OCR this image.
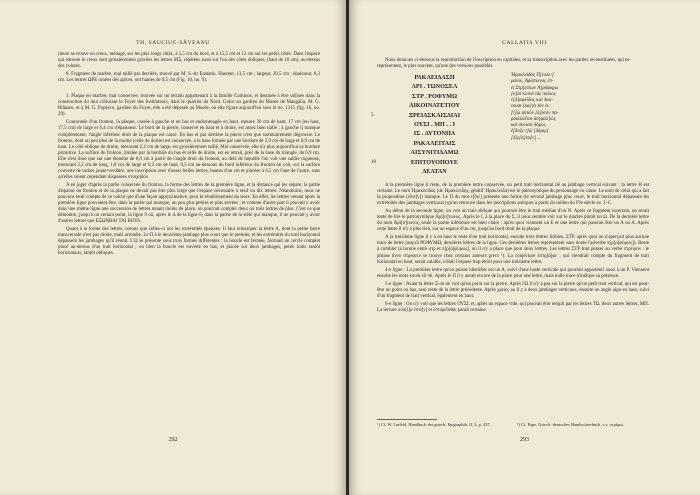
TH. SAUCIUC-SĂVEANU

rieure se trouve un creux, ménagé, sur les plus longs côtés, à 5,5 cm du bord, et à 15,5 cm et 12 cm sur les petits côtés. Dans l'espace qui entoure le creux sont grossièrement gravées les lettres ΜΞ, répétées aussi sur l'un des côtés obliques, (haut de 16 cm), au-dessus des volutes.

8. Fragment de marbre, mal taillé par derrière, trouvé par M. S.-tir Eustatiu. Hauteur, 13,5 cm ; largeur, 20,5 cm ; épaisseur, 8,3 cm. Les lettres ΩΡΕ ornées des apices, ont hautes de 9,5 cm (Fig. 10, no. 9).

1. Plaque en marbre, mal conservée, trouvée sur un terrain appartenant à la famille Cominos, et destinée à être utilisée dans la construction du mur clôturant le Foyer des Instituteurs, dans le quartier du Nord. Grâce au gardien du Musée de Mangalia, M. G. Blânaru, et à M. G. Popescu, gardien du Foyer, elle a été déposée au Musée, où elle figure aujourd'hui sous le no. 1315 (fig. 16, no. 29).

Couronnée d'un fronton, la plaque, cassée à gauche et en bas et endommagée en haut, mesure 30 cm de haut, 17 cm (en haut, 17,5 cm) de large et 6,4 cm d'épaisseur. Le bord de la pierre, conservé en haut et à droite, est assez bien taillé ; à gauche il manque complètement, l'angle inférieur droit de la plaque est cassé. En bas et par derrière la pierre n'est que sommairement dégrossie. Le fronton, dont un peu plus de la moitié (celle de droite) est conservée, a la base formée par une bordure de 2,9 cm de large et 0,9 cm de haut. Le côté oblique de droite, mesurant 2,2 cm de large, est grossièrement taillé. Mal conservée, elle n'a plus aujourd'hui sa bordure primitive. La surface du fronton, limitée par la bordure du bas et celle de droite, est en retrait, près de la base du triangle, de 0,9 cm. Elle n'est lisse que sur une étendue de 8,6 cm à partir de l'angle droit du fronton, au delà de laquelle l'on voit une saillie rugueuse, mesurant 2,2 cm de long, 1,8 cm de large et 0,5 cm de haut, 0,5 cm au-dessous du bord inférieur du fronton on voit, sur la surface couverte de taches jaune-verdâtre, une inscription avec d'assez belles lettres, hautes d'un cm et placées à 0,5 cm l'une de l'autre, sans qu'elles soient cependant disposées στοιχηδόν.

A en juger d'après la partie conservée du fronton, la forme des lettres de la première ligne, et la distance qui les sépare, la partie disparue du fronton et de la plaque ne devait pas être plus large que l'espace nécessaire à neuf ou dix lettres. Néanmoins, nous ne pouvons tenir compte de ce calcul que d'une façon approximative, pour le rétablissement du texte. En effet, les lettres venant après la première ligne pouvaient être, dans la partie qui manque, un peu plus petites et plus serrées ; et comme d'autre part il pouvait y avoir dans une même ligne une succession de lettres tenant moins de place, on pourrait compter deux ou trois lettres de plus. C'est ce que démontre, jusqu'à un certain point, la ligne 9 où, après le Δ de la ligne 8, dans la partie de la stèle qui manque, il ne pouvait y avoir d'autres lettres que ΕΞΩΝΒΑΙ ΤΑΙ ΒΟΥΛ.

Quant à la forme des lettres, notons que celles-ci ont les extrémités épaisses. Il faut remarquer la lettre A, dont la petite barre transversale n'est pas droite, mais arrondie. Le Π à le deuxième jambage plus court que le premier, et les extrémités du trait horizontal dépassent les jambages qu'il réunit. L'Ω se présente sous trois formes différentes : la boucle est fermée, formant un cercle complet placé au-dessus d'un trait horizontal ; ou bien la boucle est ouverte en bas, et placée sur deux jambages, petits traits tantôt horizontaux, tantôt obliques.

292
CALLATIS VIII

Nous donnons ci-dessous la reproduction de l'inscription en capitales, et sa transcription avec les parties reconstituées, qui ne représentent, le plus souvent, qu'une des versions possibles.

ΡΑΚΛΕΙΔΑΣΠ
ΑΡΙ . ΤΩΝΟΣΕΑ
ΣΤΡ . ΡΟΦΥΜΩ
ΑΙΚΟΙΝΑΤΕΤΙΟΥ
5	ΞΡΕΙΔΣΚΑΙΣΔΙΑΙ
ΟΥΣΙ . ΜΠ . . Ι
ΙΣ . ΑΥΤΟΝΠΑ
ΡΑΚΑΛΕΙΤΑΙΣ
ΑΙΣΥΝΙΤΙΔΑΜΩ
10	ΕΠΙΤΟΥΟΠΟΥΕ
ΔΕΑΤΑΝ
Ἡρακλείδας Π[τολε-]
μαίου, Ἀρίστωνος ἐπ-
εὶ Στρ[ατίων Ἀ]ρύφυμω
[κ]αὶ κοινὰ τᾶς πόλιος
ἐ[δ]αφεῖδας καὶ διαι-
τουσι [κα]τὰ τὰν ἐν
[τ]ῷ αὐτῶν [ἁ]υτὸν πα-
ρακαλεῖται ἀσ[φαλ]ῶς
καὶ συνιστὶ δάμω,
ἔ[δοξε τ]ῷ [δάμῳ]
[δ]ε[ά]τα[ν] ...

A la première ligne il reste, de la première lettre conservée, un petit trait horizontal lié au jambage vertical suivant : la lettre H est certaine. Le nom Ἡρακλείδας (de Ἡρακλείδης, génitif Ἡρακλείδα) est le patronymique du personnage en cause. Le nom de celui qui a fait la proposition (εἶπε[ν]) manque. Le Π du mot ε[ἶπε] présente une forme (le second jambage plus court, le trait horizontal dépassant les extrémités des jambages verticaux) qu'on retrouve dans les inscriptions antiques à partir du milieu du IVe siècle av. J.-C.

Au début de la seconde ligne, on voit un trait oblique qui pourrait être le trait médian d'un N. Après ce fragment incertain, on serait tenté de lire le patronymique Ἀρί[σ]τωνος. Après le Ι, à la place du Σ, il nous semble voir sur le marbre plutôt un Ω. De la dernière lettre du nom Ἀρί[σ]τωνος, seule la partie inférieure est bien claire ; après quoi viennent un E et une lettre qui pourrait être un A ou A. Après cette lettre il n'y a plus rien, sur un espace d'un cm, jusqu'au bord droit de la plaque.

A la troisième ligne il y a en haut le reste d'un trait horizontal, ensuite trois lettres lisibles, ΣΤΡ, après quoi on n'aperçoit plus aucune trace de lettre jusqu'à ΡΟΦΥΜΩ, dernières lettres de la ligne. Ces dernières lettres représentent sans doute l'adverbe π[ρ]ο[φύμως]). Reste à combler la lacune entre στρ et π[ρ]ο[φύμως], où il n'y a place que pour deux lettres. Les lettres ΣΤΡ font penser au verbe στρέφειν : le phrase ἄνευ στρέφειν se trouve chez certains auteurs grecs ¹). La conjecture ἐστρ[ά]φε ; qui viendrait compte du fragment de trait horizontal en haut, serait valable, n'était l'espace trop étroit pour une troisième lettre.

4-e ligne : La première lettre qu'on puisse identifier est un A, suivi d'une haste verticale qui pourrait appartenir aussi à un P. Viennent ensuite les mots κοινὰ τᾶ πό. Après le Π il y aurait encore de la place pour une lettre, mais nulle trace n'indique sa présence.

5-e ligne : Avant la lettre Ξ on ne voit qu'un point sur la pierre. Après l'Ω il n'y a pas sur la pierre qu'un petit trait vertical, qui est peut-être un point ou bas, seul reste de la lettre précédente. Après χρεία; au il y a deux jambages verticaux, ensuite un angle aigu en haut, suivi d'un fragment de trait vertical, également en haut.

6-e ligne : On n'y voit que les lettres ΟΥΣΙ, et, après un espace vide, qui pouvait être rempli par les lettres ΤΩ, deux autres lettres, ΜΠ. La lecture οὐσ[ί]α ἐστὶ[ν] et ἐστερεῖσθαι paraît certaine.

¹) Cf. W. Larfeld, Handbuch der griech. Epigraphik, II, 2, p. 457.	¹) Cf. Pape, Griech.-deutsches Handwörterbuch, s.v. στρέφω.
293
